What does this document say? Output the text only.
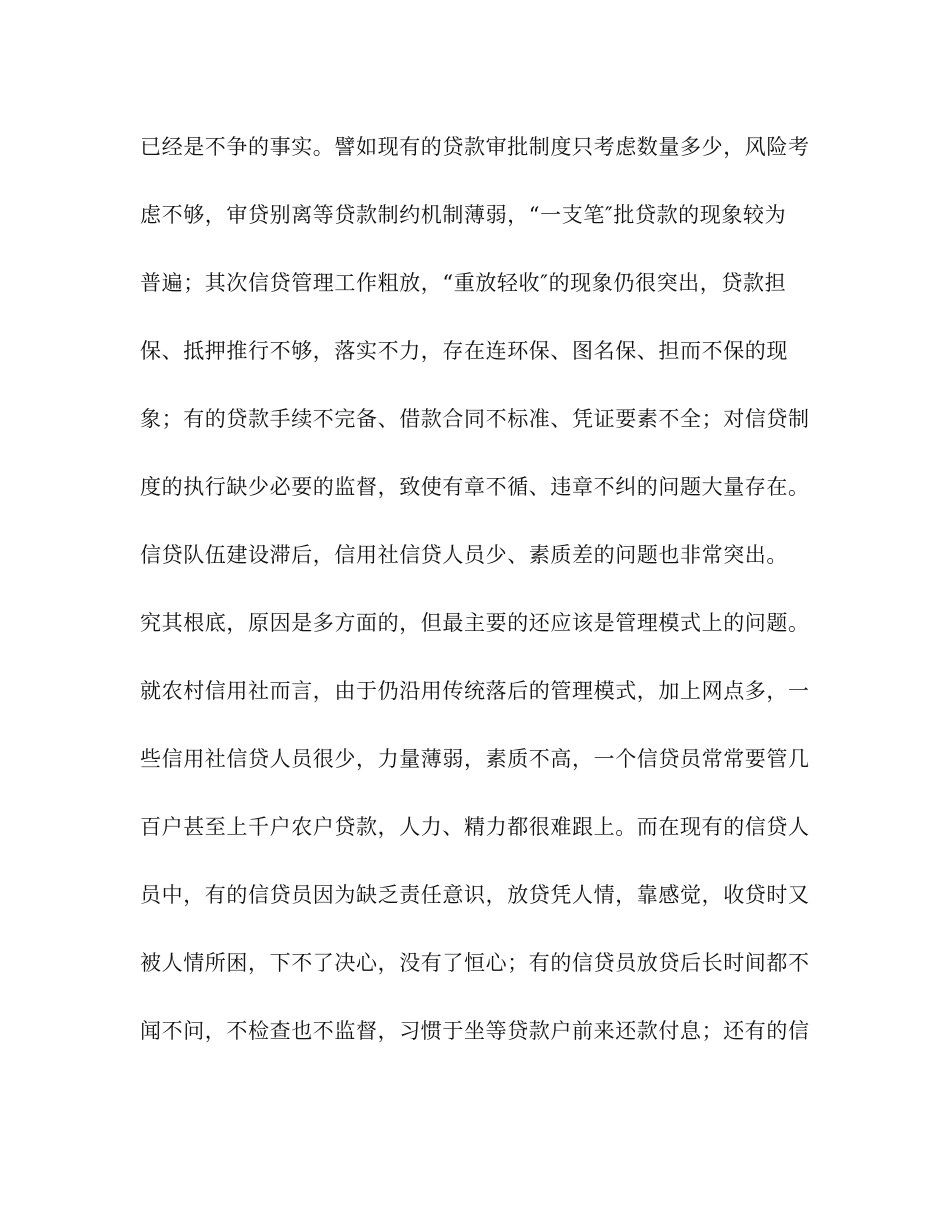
已经是不争的事实。譬如现有的贷款审批制度只考虑数量多少，风险考
虑不够，审贷别离等贷款制约机制薄弱，“一支笔″批贷款的现象较为
普遍；其次信贷管理工作粗放，“重放轻收″的现象仍很突出，贷款担
保、抵押推行不够，落实不力，存在连环保、图名保、担而不保的现
象；有的贷款手续不完备、借款合同不标准、凭证要素不全；对信贷制
度的执行缺少必要的监督，致使有章不循、违章不纠的问题大量存在。
信贷队伍建设滞后，信用社信贷人员少、素质差的问题也非常突出。
究其根底，原因是多方面的，但最主要的还应该是管理模式上的问题。
就农村信用社而言，由于仍沿用传统落后的管理模式，加上网点多，一
些信用社信贷人员很少，力量薄弱，素质不高，一个信贷员常常要管几
百户甚至上千户农户贷款，人力、精力都很难跟上。而在现有的信贷人
员中，有的信贷员因为缺乏责任意识，放贷凭人情，靠感觉，收贷时又
被人情所困，下不了决心，没有了恒心；有的信贷员放贷后长时间都不
闻不问，不检查也不监督，习惯于坐等贷款户前来还款付息；还有的信
